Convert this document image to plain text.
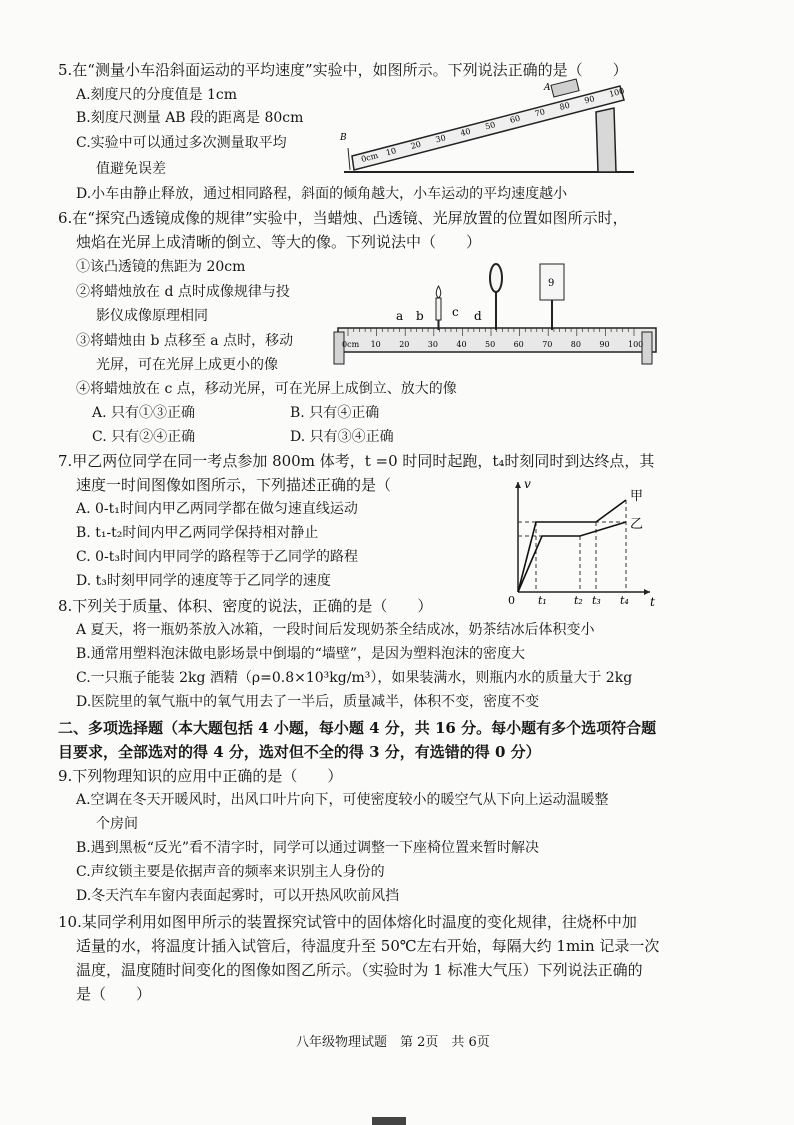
5.在“测量小车沿斜面运动的平均速度”实验中，如图所示。下列说法正确的是（　　）
A.刻度尺的分度值是 1cm
B.刻度尺测量 AB 段的距离是 80cm
C.实验中可以通过多次测量取平均
值避免误差
D.小车由静止释放，通过相同路程，斜面的倾角越大，小车运动的平均速度越小
0cm 10
20
30
40
50
60
70
80
90
100
A
B
6.在“探究凸透镜成像的规律”实验中，当蜡烛、凸透镜、光屏放置的位置如图所示时，
烛焰在光屏上成清晰的倒立、等大的像。下列说法中（　　）
①该凸透镜的焦距为 20cm
②将蜡烛放在 d 点时成像规律与投
影仪成像原理相同
③将蜡烛由 b 点移至 a 点时，移动
光屏，可在光屏上成更小的像
④将蜡烛放在 c 点，移动光屏，可在光屏上成倒立、放大的像
A. 只有①③正确	B. 只有④正确
C. 只有②④正确	D. 只有③④正确
0cm 10 20 30 40 50 60 70 80 90 100
9
a b c d
7.甲乙两位同学在同一考点参加 800m 体考，t =0 时同时起跑，t₄时刻同时到达终点，其
速度一时间图像如图所示，下列描述正确的是（
A. 0-t₁时间内甲乙两同学都在做匀速直线运动
B. t₁-t₂时间内甲乙两同学保持相对静止
C. 0-t₃时间内甲同学的路程等于乙同学的路程
D. t₃时刻甲同学的速度等于乙同学的速度
v
t
0
甲
乙
t₁ t₂ t₃ t₄
8.下列关于质量、体积、密度的说法，正确的是（　　）
A 夏天，将一瓶奶茶放入冰箱，一段时间后发现奶茶全结成冰，奶茶结冰后体积变小
B.通常用塑料泡沫做电影场景中倒塌的“墙壁”，是因为塑料泡沫的密度大
C.一只瓶子能装 2kg 酒精（ρ=0.8×10³kg/m³），如果装满水，则瓶内水的质量大于 2kg
D.医院里的氧气瓶中的氧气用去了一半后，质量减半，体积不变，密度不变
二、多项选择题（本大题包括 4 小题，每小题 4 分，共 16 分。每小题有多个选项符合题
目要求，全部选对的得 4 分，选对但不全的得 3 分，有选错的得 0 分）
9.下列物理知识的应用中正确的是（　　）
A.空调在冬天开暖风时，出风口叶片向下，可使密度较小的暖空气从下向上运动温暖整
个房间
B.遇到黑板“反光”看不清字时，同学可以通过调整一下座椅位置来暂时解决
C.声纹锁主要是依据声音的频率来识别主人身份的
D.冬天汽车车窗内表面起雾时，可以开热风吹前风挡
10.某同学利用如图甲所示的装置探究试管中的固体熔化时温度的变化规律，往烧杯中加
适量的水，将温度计插入试管后，待温度升至 50℃左右开始，每隔大约 1min 记录一次
温度，温度随时间变化的图像如图乙所示。（实验时为 1 标准大气压）下列说法正确的
是（　　）
八年级物理试题　第 2页　共 6页
